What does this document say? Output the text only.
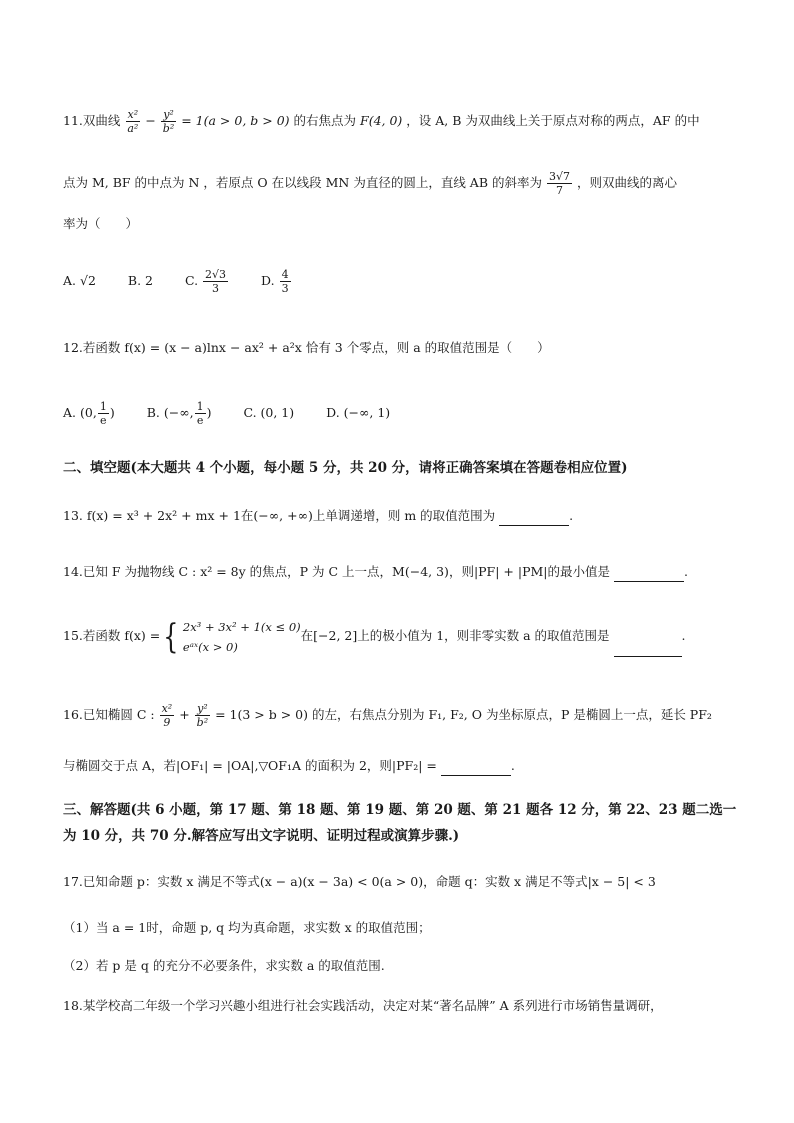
11.双曲线 $\frac{\text{x²}}{\text{a²}} - \frac{\text{y²}}{\text{b²}} = 1(a > 0$, b > 0) 的右焦点为 F(4, 0) ，设 A, B 为双曲线上关于原点对称的两点，AF 的中
点为 M, BF 的中点为 N ，若原点 O 在以线段 MN 为直径的圆上，直线 AB 的斜率为 $\frac{3√7}{7}$ ，则双曲线的离心
率为（　　）
A. √2	B. 2	C. $\frac{2√3}{3}$	D. $\frac{4}{3}$
12.若函数 f(x) = (x − a)lnx − ax² + a²x 恰有 3 个零点，则 a 的取值范围是（　　）
A. (0, $\frac{1}{e}$ )	B. (−∞, $\frac{1}{e}$ )	C. (0, 1)	D. (−∞, 1)
二、填空题(本大题共 4 个小题，每小题 5 分，共 20 分，请将正确答案填在答题卷相应位置)
13. f(x) = x³ + 2x² + mx + 1在(−∞, +∞)上单调递增，则 m 的取值范围为	.
14.已知 F 为抛物线 C : x² = 8y 的焦点，P 为 C 上一点，M(−4, 3)，则|PF| + |PM|的最小值是	.
15.若函数 f(x) ={ 2x³ + 3x² + 1(x ≤ 0)
eᵃˣ(x > 0)
在[−2, 2]上的极小值为 1，则非零实数 a 的取值范围是	.
16.已知椭圆 C : $\frac{\text{x²}}{9} + \frac{\text{y²}}{\text{b²}} = 1(3 > b > 0)$ 的左，右焦点分别为 F₁, F₂, O 为坐标原点，P 是椭圆上一点，延长 PF₂
与椭圆交于点 A，若|OF₁| = |OA|,▽OF₁A 的面积为 2，则|PF₂| =	.
三、解答题(共 6 小题，第 17 题、第 18 题、第 19 题、第 20 题、第 21 题各 12 分，第 22、23 题二选一
为 10 分，共 70 分.解答应写出文字说明、证明过程或演算步骤.)
17.已知命题 p：实数 x 满足不等式(x − a)(x − 3a) < 0(a > 0)，命题 q：实数 x 满足不等式|x − 5| < 3
（1）当 a = 1时，命题 p, q 均为真命题，求实数 x 的取值范围；
（2）若 p 是 q 的充分不必要条件，求实数 a 的取值范围.
18.某学校高二年级一个学习兴趣小组进行社会实践活动，决定对某“著名品牌” A 系列进行市场销售量调研，
